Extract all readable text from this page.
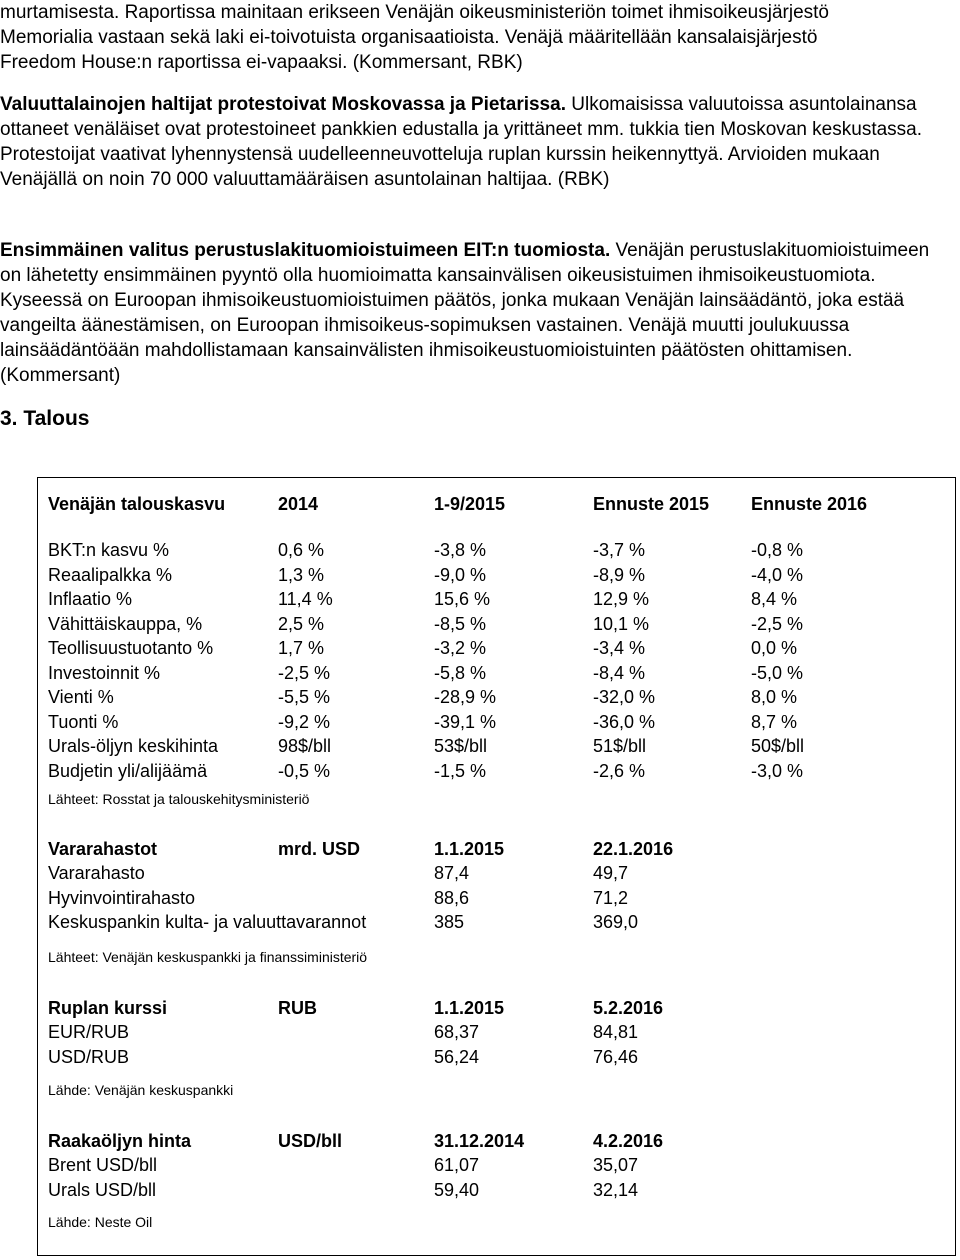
murtamisesta. Raportissa mainitaan erikseen Venäjän oikeusministeriön toimet ihmisoikeusjärjestö
Memorialia vastaan sekä laki ei-toivotuista organisaatioista. Venäjä määritellään kansalaisjärjestö
Freedom House:n raportissa ei-vapaaksi. (Kommersant, RBK)

Valuuttalainojen haltijat protestoivat Moskovassa ja Pietarissa. Ulkomaisissa valuutoissa asuntolainansa ottaneet venäläiset ovat protestoineet pankkien edustalla ja yrittäneet mm. tukkia tien Moskovan keskustassa. Protestoijat vaativat lyhennystensä uudelleenneuvotteluja ruplan kurssin heikennyttyä. Arvioiden mukaan Venäjällä on noin 70 000 valuuttamääräisen asuntolainan haltijaa. (RBK)

Ensimmäinen valitus perustuslakituomioistuimeen EIT:n tuomiosta. Venäjän perustuslakituomioistuimeen on lähetetty ensimmäinen pyyntö olla huomioimatta kansainvälisen oikeusistuimen ihmisoikeustuomiota. Kyseessä on Euroopan ihmisoikeustuomioistuimen päätös, jonka mukaan Venäjän lainsäädäntö, joka estää vangeilta äänestämisen, on Euroopan ihmisoikeus-sopimuksen vastainen. Venäjä muutti joulukuussa lainsäädäntöään mahdollistamaan kansainvälisten ihmisoikeustuomioistuinten päätösten ohittamisen. (Kommersant)

3. Talous
Venäjän talouskasvu	2014	1-9/2015	Ennuste 2015	Ennuste 2016

BKT:n kasvu %	0,6 %	-3,8 %	-3,7 %	-0,8 %
Reaalipalkka %	1,3 %	-9,0 %	-8,9 %	-4,0 %
Inflaatio %	11,4 %	15,6 %	12,9 %	8,4 %
Vähittäiskauppa, %	2,5 %	-8,5 %	10,1 %	-2,5 %
Teollisuustuotanto %	1,7 %	-3,2 %	-3,4 %	0,0 %
Investoinnit %	-2,5 %	-5,8 %	-8,4 %	-5,0 %
Vienti %	-5,5 %	-28,9 %	-32,0 %	8,0 %
Tuonti %	-9,2 %	-39,1 %	-36,0 %	8,7 %
Urals-öljyn keskihinta	98$/bll	53$/bll	51$/bll	50$/bll
Budjetin yli/alijäämä	-0,5 %	-1,5 %	-2,6 %	-3,0 %
Lähteet: Rosstat ja talouskehitysministeriö
Vararahastot	mrd. USD	1.1.2015	22.1.2016
Vararahasto		87,4	49,7
Hyvinvointirahasto		88,6	71,2
Keskuspankin kulta- ja valuuttavarannot		385	369,0
Lähteet: Venäjän keskuspankki ja finanssiministeriö
Ruplan kurssi	RUB	1.1.2015	5.2.2016
EUR/RUB		68,37	84,81
USD/RUB		56,24	76,46
Lähde: Venäjän keskuspankki
Raakaöljyn hinta	USD/bll	31.12.2014	4.2.2016
Brent USD/bll		61,07	35,07
Urals USD/bll		59,40	32,14
Lähde: Neste Oil
